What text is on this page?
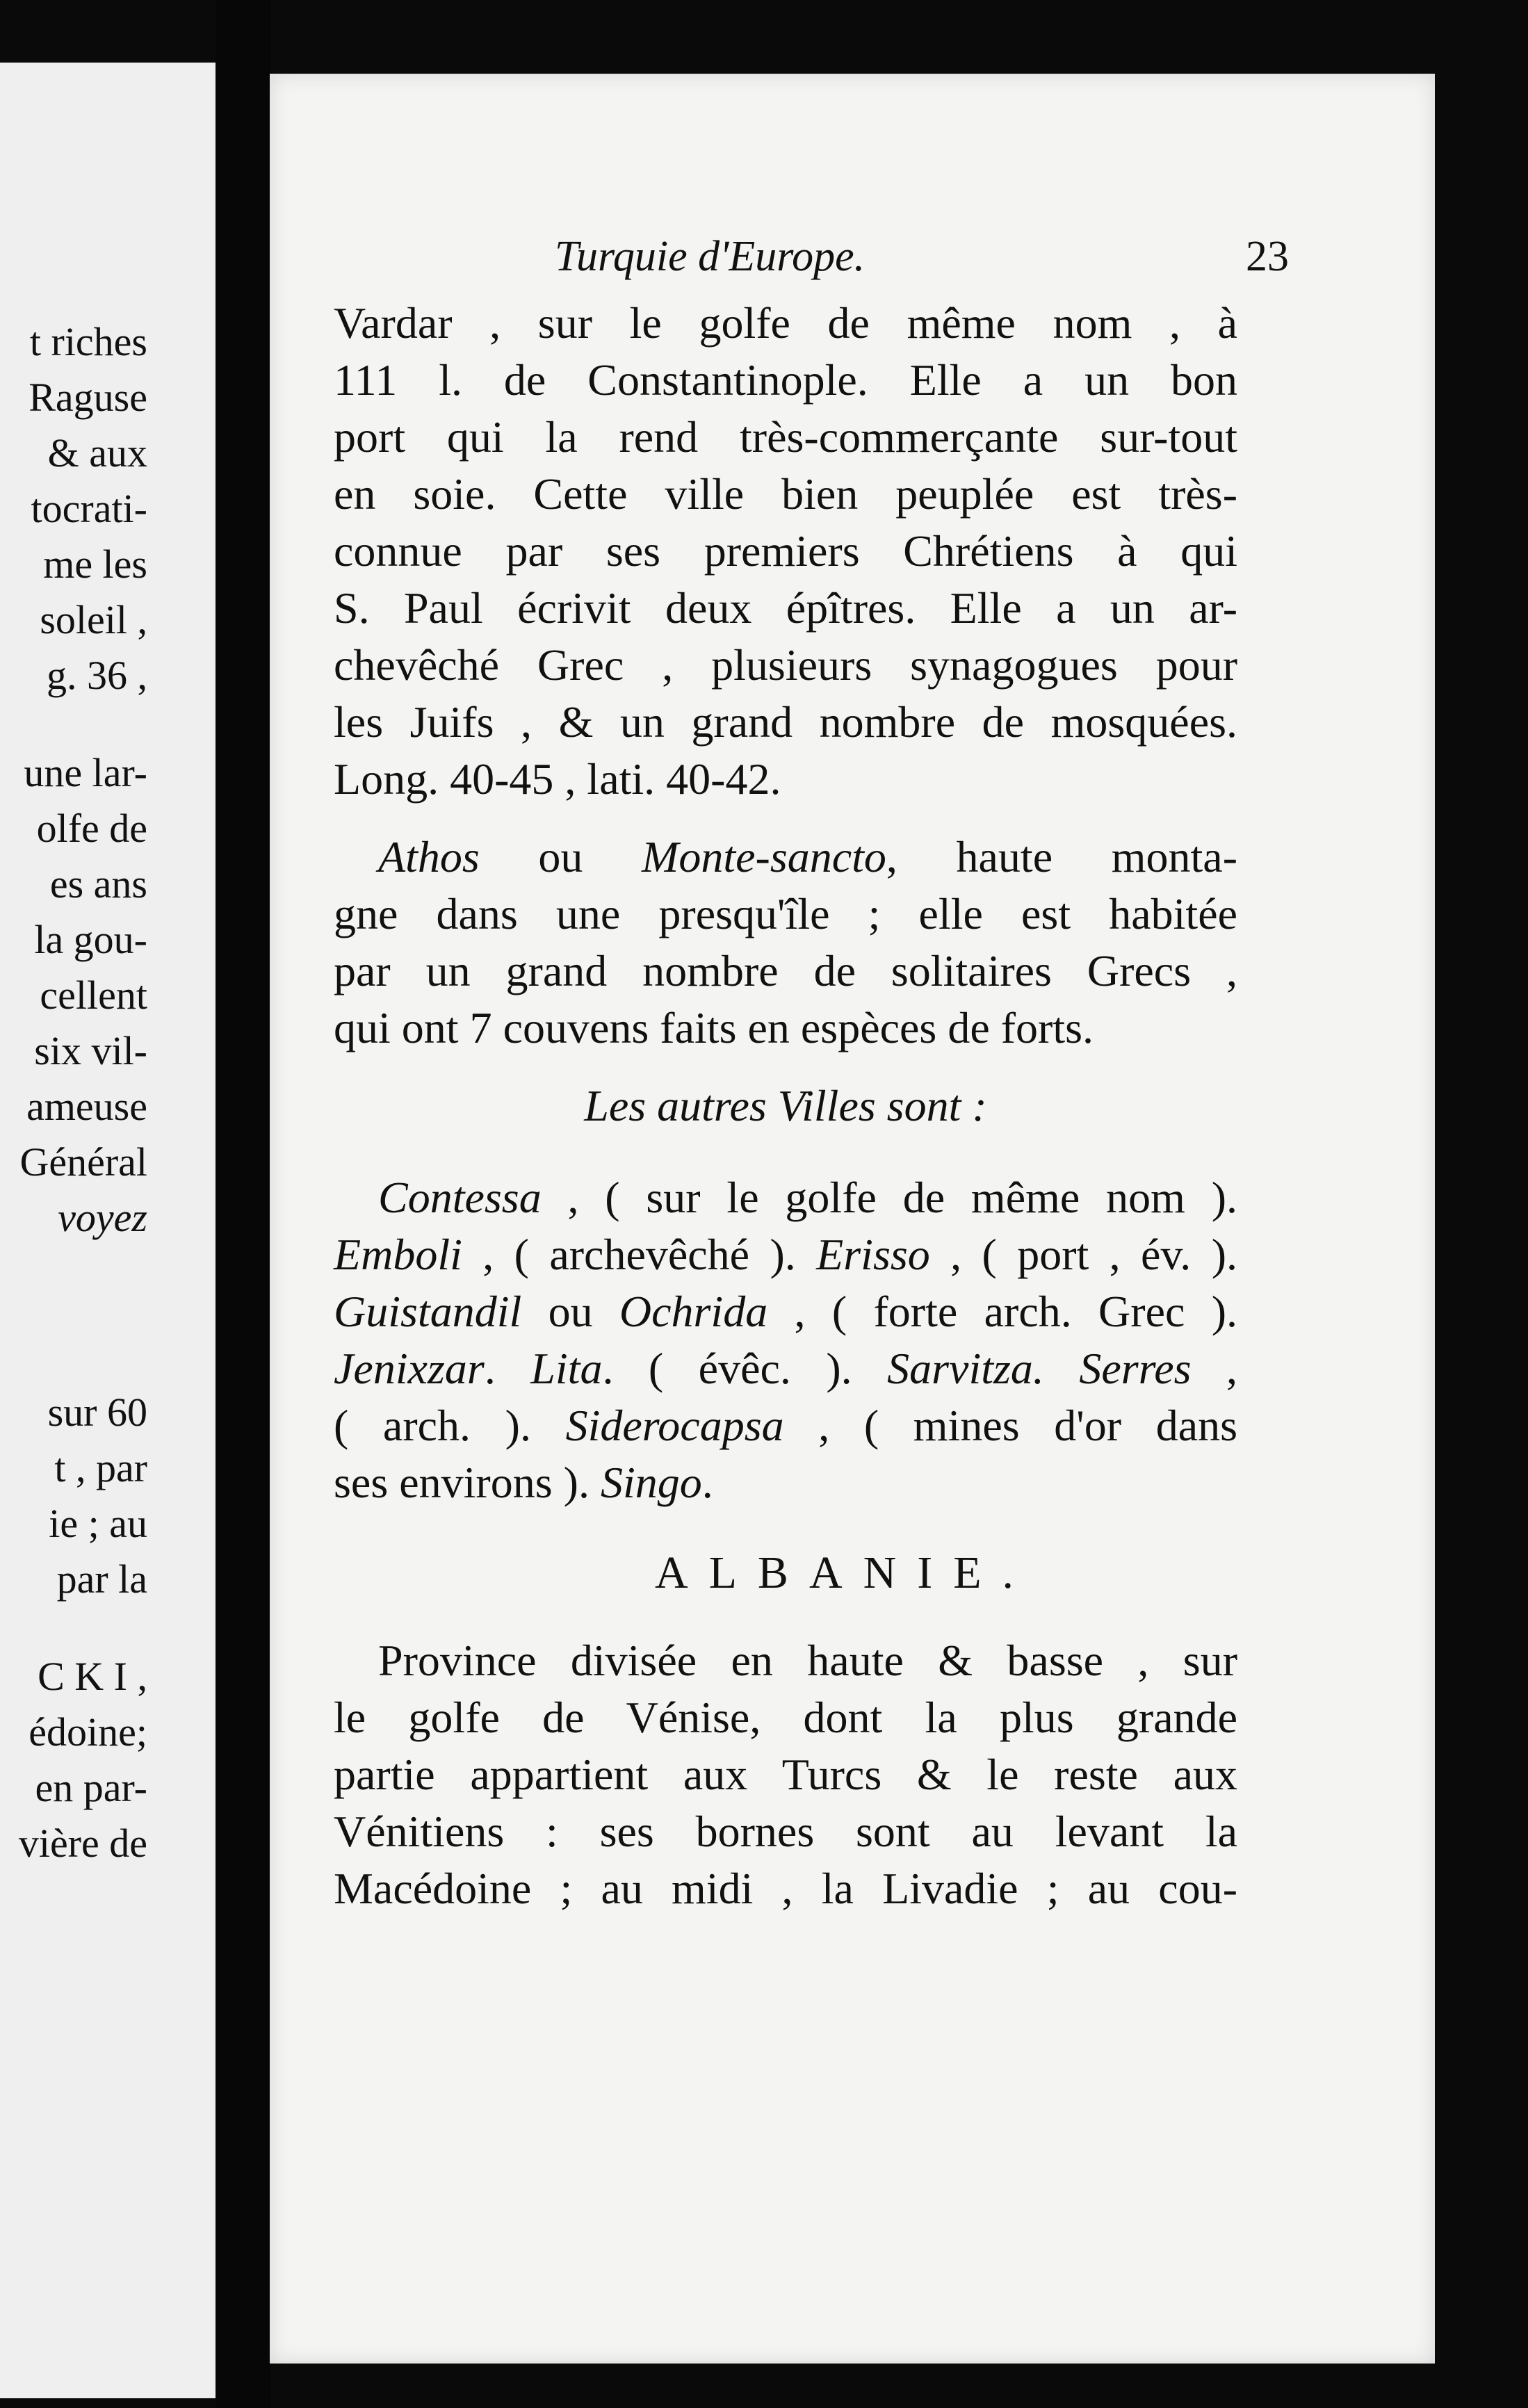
t riches
Raguse
& aux
tocrati-
me les
soleil ,
g. 36 ,
une lar-
olfe de
es ans
la gou-
cellent
six vil-
ameuse
Général
voyez
sur 60
t , par
ie ; au
par la
C K I ,
édoine;
en par-
vière de
Turquie d'Europe.	23
Vardar , sur le golfe de même nom , à
111 l. de Constantinople. Elle a un bon
port qui la rend très-commerçante sur-tout
en soie. Cette ville bien peuplée est très-
connue par ses premiers Chrétiens à qui
S. Paul écrivit deux épîtres. Elle a un ar-
chevêché Grec , plusieurs synagogues pour
les Juifs , & un grand nombre de mosquées.
Long. 40-45 , lati. 40-42.
Athos ou Monte-sancto, haute monta-
gne dans une presqu'île ; elle est habitée
par un grand nombre de solitaires Grecs ,
qui ont 7 couvens faits en espèces de forts.
Les autres Villes sont :
Contessa , ( sur le golfe de même nom ).
Emboli , ( archevêché ). Erisso , ( port , év. ).
Guistandil ou Ochrida , ( forte arch. Grec ).
Jenixzar. Lita. ( évêc. ). Sarvitza. Serres ,
( arch. ). Siderocapsa , ( mines d'or dans
ses environs ). Singo.
ALBANIE.
Province divisée en haute & basse , sur
le golfe de Vénise, dont la plus grande
partie appartient aux Turcs & le reste aux
Vénitiens : ses bornes sont au levant la
Macédoine ; au midi , la Livadie ; au cou-
